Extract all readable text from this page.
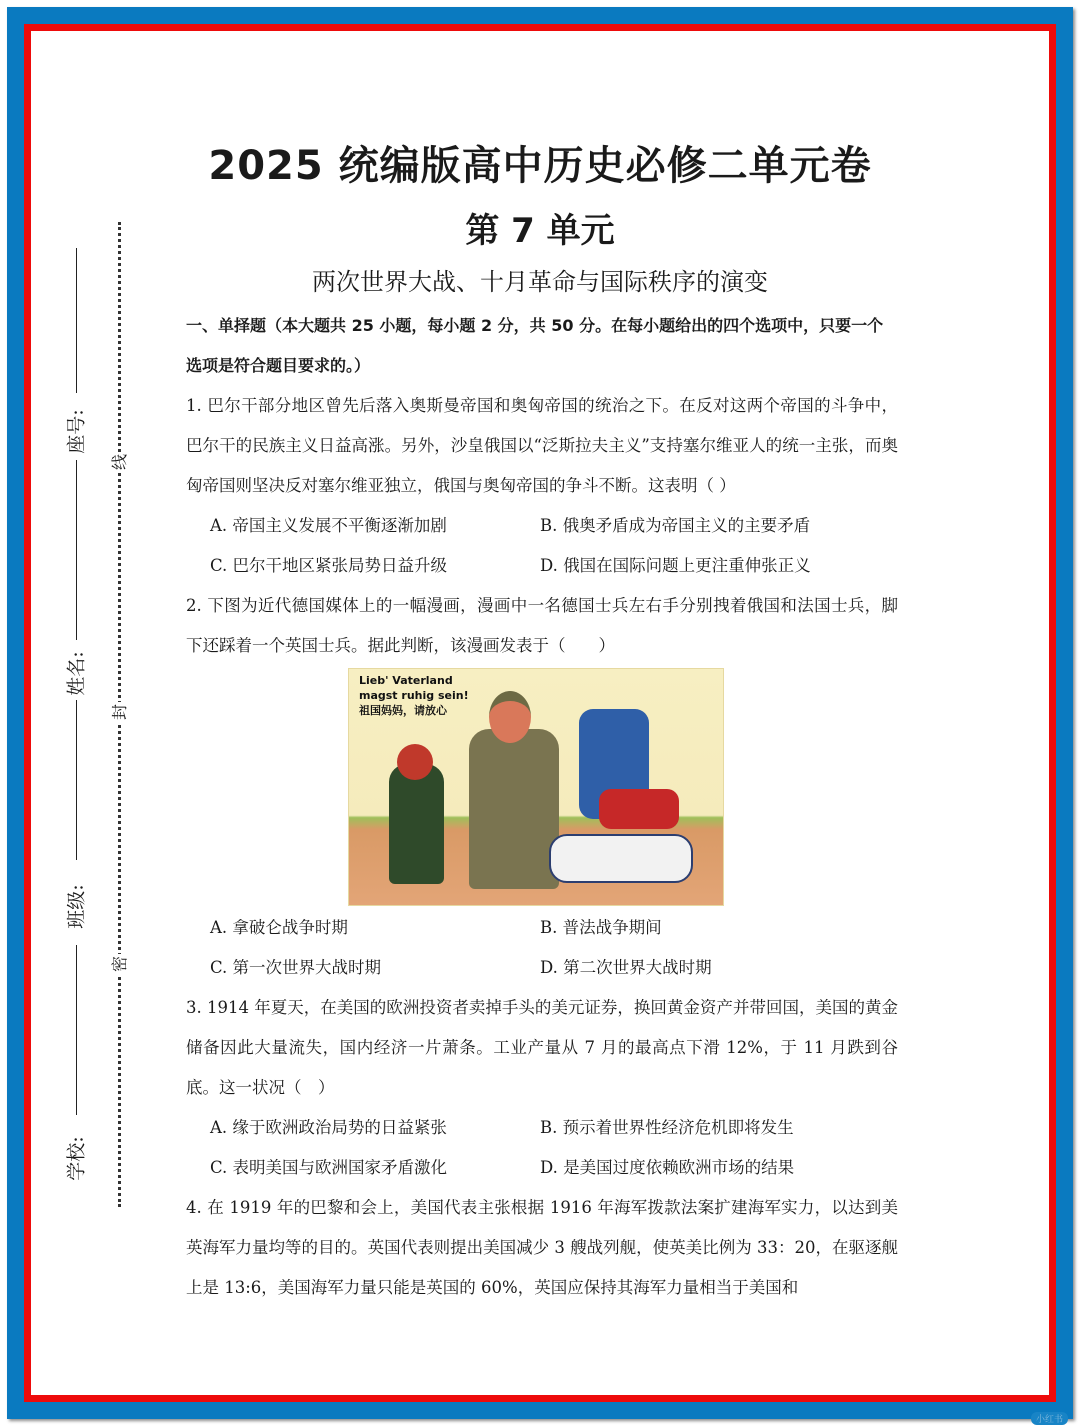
小红书
线
封
密
座号:
姓名:
班级:
学校:
2025 统编版高中历史必修二单元卷
第 7 单元
两次世界大战、十月革命与国际秩序的演变
一、单择题（本大题共 25 小题，每小题 2 分，共 50 分。在每小题给出的四个选项中，只要一个选项是符合题目要求的。）
1. 巴尔干部分地区曾先后落入奥斯曼帝国和奥匈帝国的统治之下。在反对这两个帝国的斗争中，巴尔干的民族主义日益高涨。另外，沙皇俄国以“泛斯拉夫主义”支持塞尔维亚人的统一主张，而奥匈帝国则坚决反对塞尔维亚独立，俄国与奥匈帝国的争斗不断。这表明（ ）
A. 帝国主义发展不平衡逐渐加剧	B. 俄奥矛盾成为帝国主义的主要矛盾
C. 巴尔干地区紧张局势日益升级	D. 俄国在国际问题上更注重伸张正义
2. 下图为近代德国媒体上的一幅漫画，漫画中一名德国士兵左右手分别拽着俄国和法国士兵，脚下还踩着一个英国士兵。据此判断，该漫画发表于（　　）
Lieb' Vaterland
magst ruhig sein!
祖国妈妈，请放心
A. 拿破仑战争时期	B. 普法战争期间
C. 第一次世界大战时期	D. 第二次世界大战时期
3. 1914 年夏天，在美国的欧洲投资者卖掉手头的美元证券，换回黄金资产并带回国，美国的黄金储备因此大量流失，国内经济一片萧条。工业产量从 7 月的最高点下滑 12%，于 11 月跌到谷底。这一状况（　）
A. 缘于欧洲政治局势的日益紧张	B. 预示着世界性经济危机即将发生
C. 表明美国与欧洲国家矛盾激化	D. 是美国过度依赖欧洲市场的结果
4. 在 1919 年的巴黎和会上，美国代表主张根据 1916 年海军拨款法案扩建海军实力，以达到美英海军力量均等的目的。英国代表则提出美国减少 3 艘战列舰，使英美比例为 33：20，在驱逐舰上是 13:6，美国海军力量只能是英国的 60%，英国应保持其海军力量相当于美国和
